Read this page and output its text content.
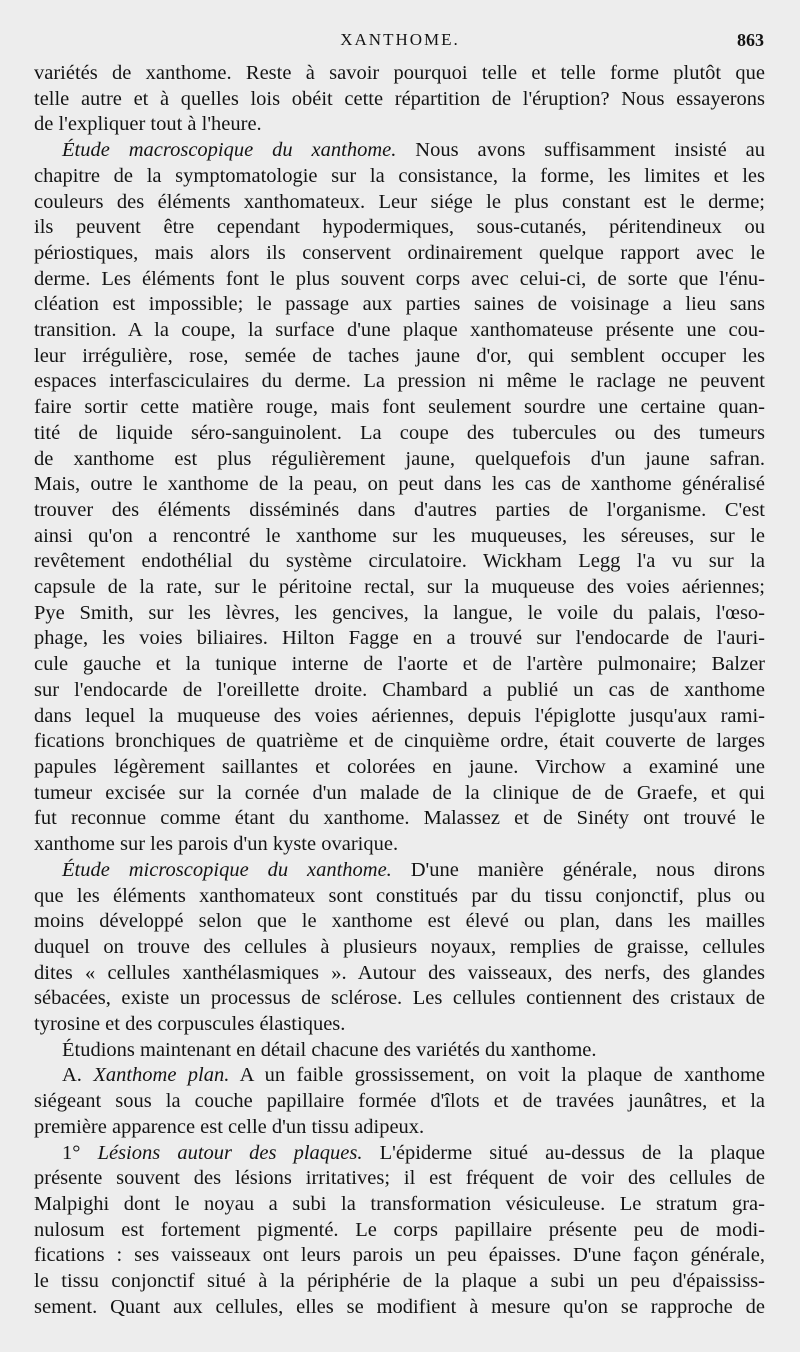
XANTHOME.	863

variétés de xanthome. Reste à savoir pourquoi telle et telle forme plutôt que

telle autre et à quelles lois obéit cette répartition de l'éruption? Nous essayerons

de l'expliquer tout à l'heure.

Étude macroscopique du xanthome. Nous avons suffisamment insisté au

chapitre de la symptomatologie sur la consistance, la forme, les limites et les

couleurs des éléments xanthomateux. Leur siége le plus constant est le derme;

ils peuvent être cependant hypodermiques, sous-cutanés, péritendineux ou

périostiques, mais alors ils conservent ordinairement quelque rapport avec le

derme. Les éléments font le plus souvent corps avec celui-ci, de sorte que l'énu-

cléation est impossible; le passage aux parties saines de voisinage a lieu sans

transition. A la coupe, la surface d'une plaque xanthomateuse présente une cou-

leur irrégulière, rose, semée de taches jaune d'or, qui semblent occuper les

espaces interfasciculaires du derme. La pression ni même le raclage ne peuvent

faire sortir cette matière rouge, mais font seulement sourdre une certaine quan-

tité de liquide séro-sanguinolent. La coupe des tubercules ou des tumeurs

de xanthome est plus régulièrement jaune, quelquefois d'un jaune safran.

Mais, outre le xanthome de la peau, on peut dans les cas de xanthome généralisé

trouver des éléments disséminés dans d'autres parties de l'organisme. C'est

ainsi qu'on a rencontré le xanthome sur les muqueuses, les séreuses, sur le

revêtement endothélial du système circulatoire. Wickham Legg l'a vu sur la

capsule de la rate, sur le péritoine rectal, sur la muqueuse des voies aériennes;

Pye Smith, sur les lèvres, les gencives, la langue, le voile du palais, l'œso-

phage, les voies biliaires. Hilton Fagge en a trouvé sur l'endocarde de l'auri-

cule gauche et la tunique interne de l'aorte et de l'artère pulmonaire; Balzer

sur l'endocarde de l'oreillette droite. Chambard a publié un cas de xanthome

dans lequel la muqueuse des voies aériennes, depuis l'épiglotte jusqu'aux rami-

fications bronchiques de quatrième et de cinquième ordre, était couverte de larges

papules légèrement saillantes et colorées en jaune. Virchow a examiné une

tumeur excisée sur la cornée d'un malade de la clinique de de Graefe, et qui

fut reconnue comme étant du xanthome. Malassez et de Sinéty ont trouvé le

xanthome sur les parois d'un kyste ovarique.

Étude microscopique du xanthome. D'une manière générale, nous dirons

que les éléments xanthomateux sont constitués par du tissu conjonctif, plus ou

moins développé selon que le xanthome est élevé ou plan, dans les mailles

duquel on trouve des cellules à plusieurs noyaux, remplies de graisse, cellules

dites « cellules xanthélasmiques ». Autour des vaisseaux, des nerfs, des glandes

sébacées, existe un processus de sclérose. Les cellules contiennent des cristaux de

tyrosine et des corpuscules élastiques.

Étudions maintenant en détail chacune des variétés du xanthome.

A. Xanthome plan. A un faible grossissement, on voit la plaque de xanthome

siégeant sous la couche papillaire formée d'îlots et de travées jaunâtres, et la

première apparence est celle d'un tissu adipeux.

1° Lésions autour des plaques. L'épiderme situé au-dessus de la plaque

présente souvent des lésions irritatives; il est fréquent de voir des cellules de

Malpighi dont le noyau a subi la transformation vésiculeuse. Le stratum gra-

nulosum est fortement pigmenté. Le corps papillaire présente peu de modi-

fications : ses vaisseaux ont leurs parois un peu épaisses. D'une façon générale,

le tissu conjonctif situé à la périphérie de la plaque a subi un peu d'épaississ-

sement. Quant aux cellules, elles se modifient à mesure qu'on se rapproche de
